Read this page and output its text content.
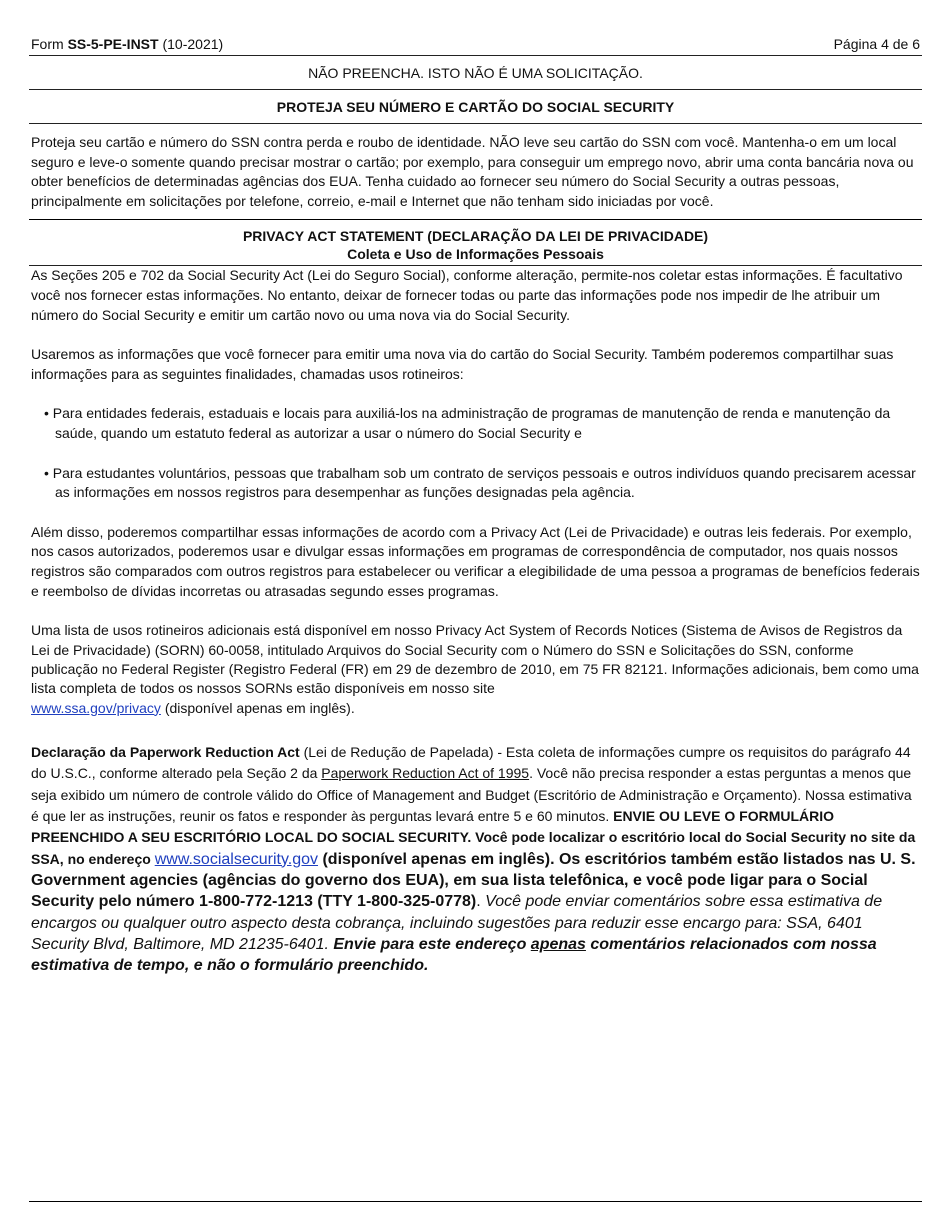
Form SS-5-PE-INST (10-2021)	Página 4 de 6
NÃO PREENCHA. ISTO NÃO É UMA SOLICITAÇÃO.
PROTEJA SEU NÚMERO E CARTÃO DO SOCIAL SECURITY
Proteja seu cartão e número do SSN contra perda e roubo de identidade. NÃO leve seu cartão do SSN com você. Mantenha-o em um local seguro e leve-o somente quando precisar mostrar o cartão; por exemplo, para conseguir um emprego novo, abrir uma conta bancária nova ou obter benefícios de determinadas agências dos EUA. Tenha cuidado ao fornecer seu número do Social Security a outras pessoas, principalmente em solicitações por telefone, correio, e-mail e Internet que não tenham sido iniciadas por você.
PRIVACY ACT STATEMENT (DECLARAÇÃO DA LEI DE PRIVACIDADE)
Coleta e Uso de Informações Pessoais
As Seções 205 e 702 da Social Security Act (Lei do Seguro Social), conforme alteração, permite-nos coletar estas informações. É facultativo você nos fornecer estas informações. No entanto, deixar de fornecer todas ou parte das informações pode nos impedir de lhe atribuir um número do Social Security e emitir um cartão novo ou uma nova via do Social Security.
Usaremos as informações que você fornecer para emitir uma nova via do cartão do Social Security. Também poderemos compartilhar suas informações para as seguintes finalidades, chamadas usos rotineiros:
• Para entidades federais, estaduais e locais para auxiliá-los na administração de programas de manutenção de renda e manutenção da saúde, quando um estatuto federal as autorizar a usar o número do Social Security e
• Para estudantes voluntários, pessoas que trabalham sob um contrato de serviços pessoais e outros indivíduos quando precisarem acessar as informações em nossos registros para desempenhar as funções designadas pela agência.
Além disso, poderemos compartilhar essas informações de acordo com a Privacy Act (Lei de Privacidade) e outras leis federais. Por exemplo, nos casos autorizados, poderemos usar e divulgar essas informações em programas de correspondência de computador, nos quais nossos registros são comparados com outros registros para estabelecer ou verificar a elegibilidade de uma pessoa a programas de benefícios federais e reembolso de dívidas incorretas ou atrasadas segundo esses programas.
Uma lista de usos rotineiros adicionais está disponível em nosso Privacy Act System of Records Notices (Sistema de Avisos de Registros da Lei de Privacidade) (SORN) 60-0058, intitulado Arquivos do Social Security com o Número do SSN e Solicitações do SSN, conforme publicação no Federal Register (Registro Federal (FR) em 29 de dezembro de 2010, em 75 FR 82121. Informações adicionais, bem como uma lista completa de todos os nossos SORNs estão disponíveis em nosso site
www.ssa.gov/privacy (disponível apenas em inglês).
Declaração da Paperwork Reduction Act (Lei de Redução de Papelada) - Esta coleta de informações cumpre os requisitos do parágrafo 44 do U.S.C., conforme alterado pela Seção 2 da Paperwork Reduction Act of 1995. Você não precisa responder a estas perguntas a menos que seja exibido um número de controle válido do Office of Management and Budget (Escritório de Administração e Orçamento). Nossa estimativa é que ler as instruções, reunir os fatos e responder às perguntas levará entre 5 e 60 minutos. ENVIE OU LEVE O FORMULÁRIO PREENCHIDO A SEU ESCRITÓRIO LOCAL DO SOCIAL SECURITY. Você pode localizar o escritório local do Social Security no site da SSA, no endereço www.socialsecurity.gov (disponível apenas em inglês). Os escritórios também estão listados nas U. S. Government agencies (agências do governo dos EUA), em sua lista telefônica, e você pode ligar para o Social Security pelo número 1-800-772-1213 (TTY 1-800-325-0778). Você pode enviar comentários sobre essa estimativa de encargos ou qualquer outro aspecto desta cobrança, incluindo sugestões para reduzir esse encargo para: SSA, 6401 Security Blvd, Baltimore, MD 21235-6401. Envie para este endereço apenas comentários relacionados com nossa estimativa de tempo, e não o formulário preenchido.
